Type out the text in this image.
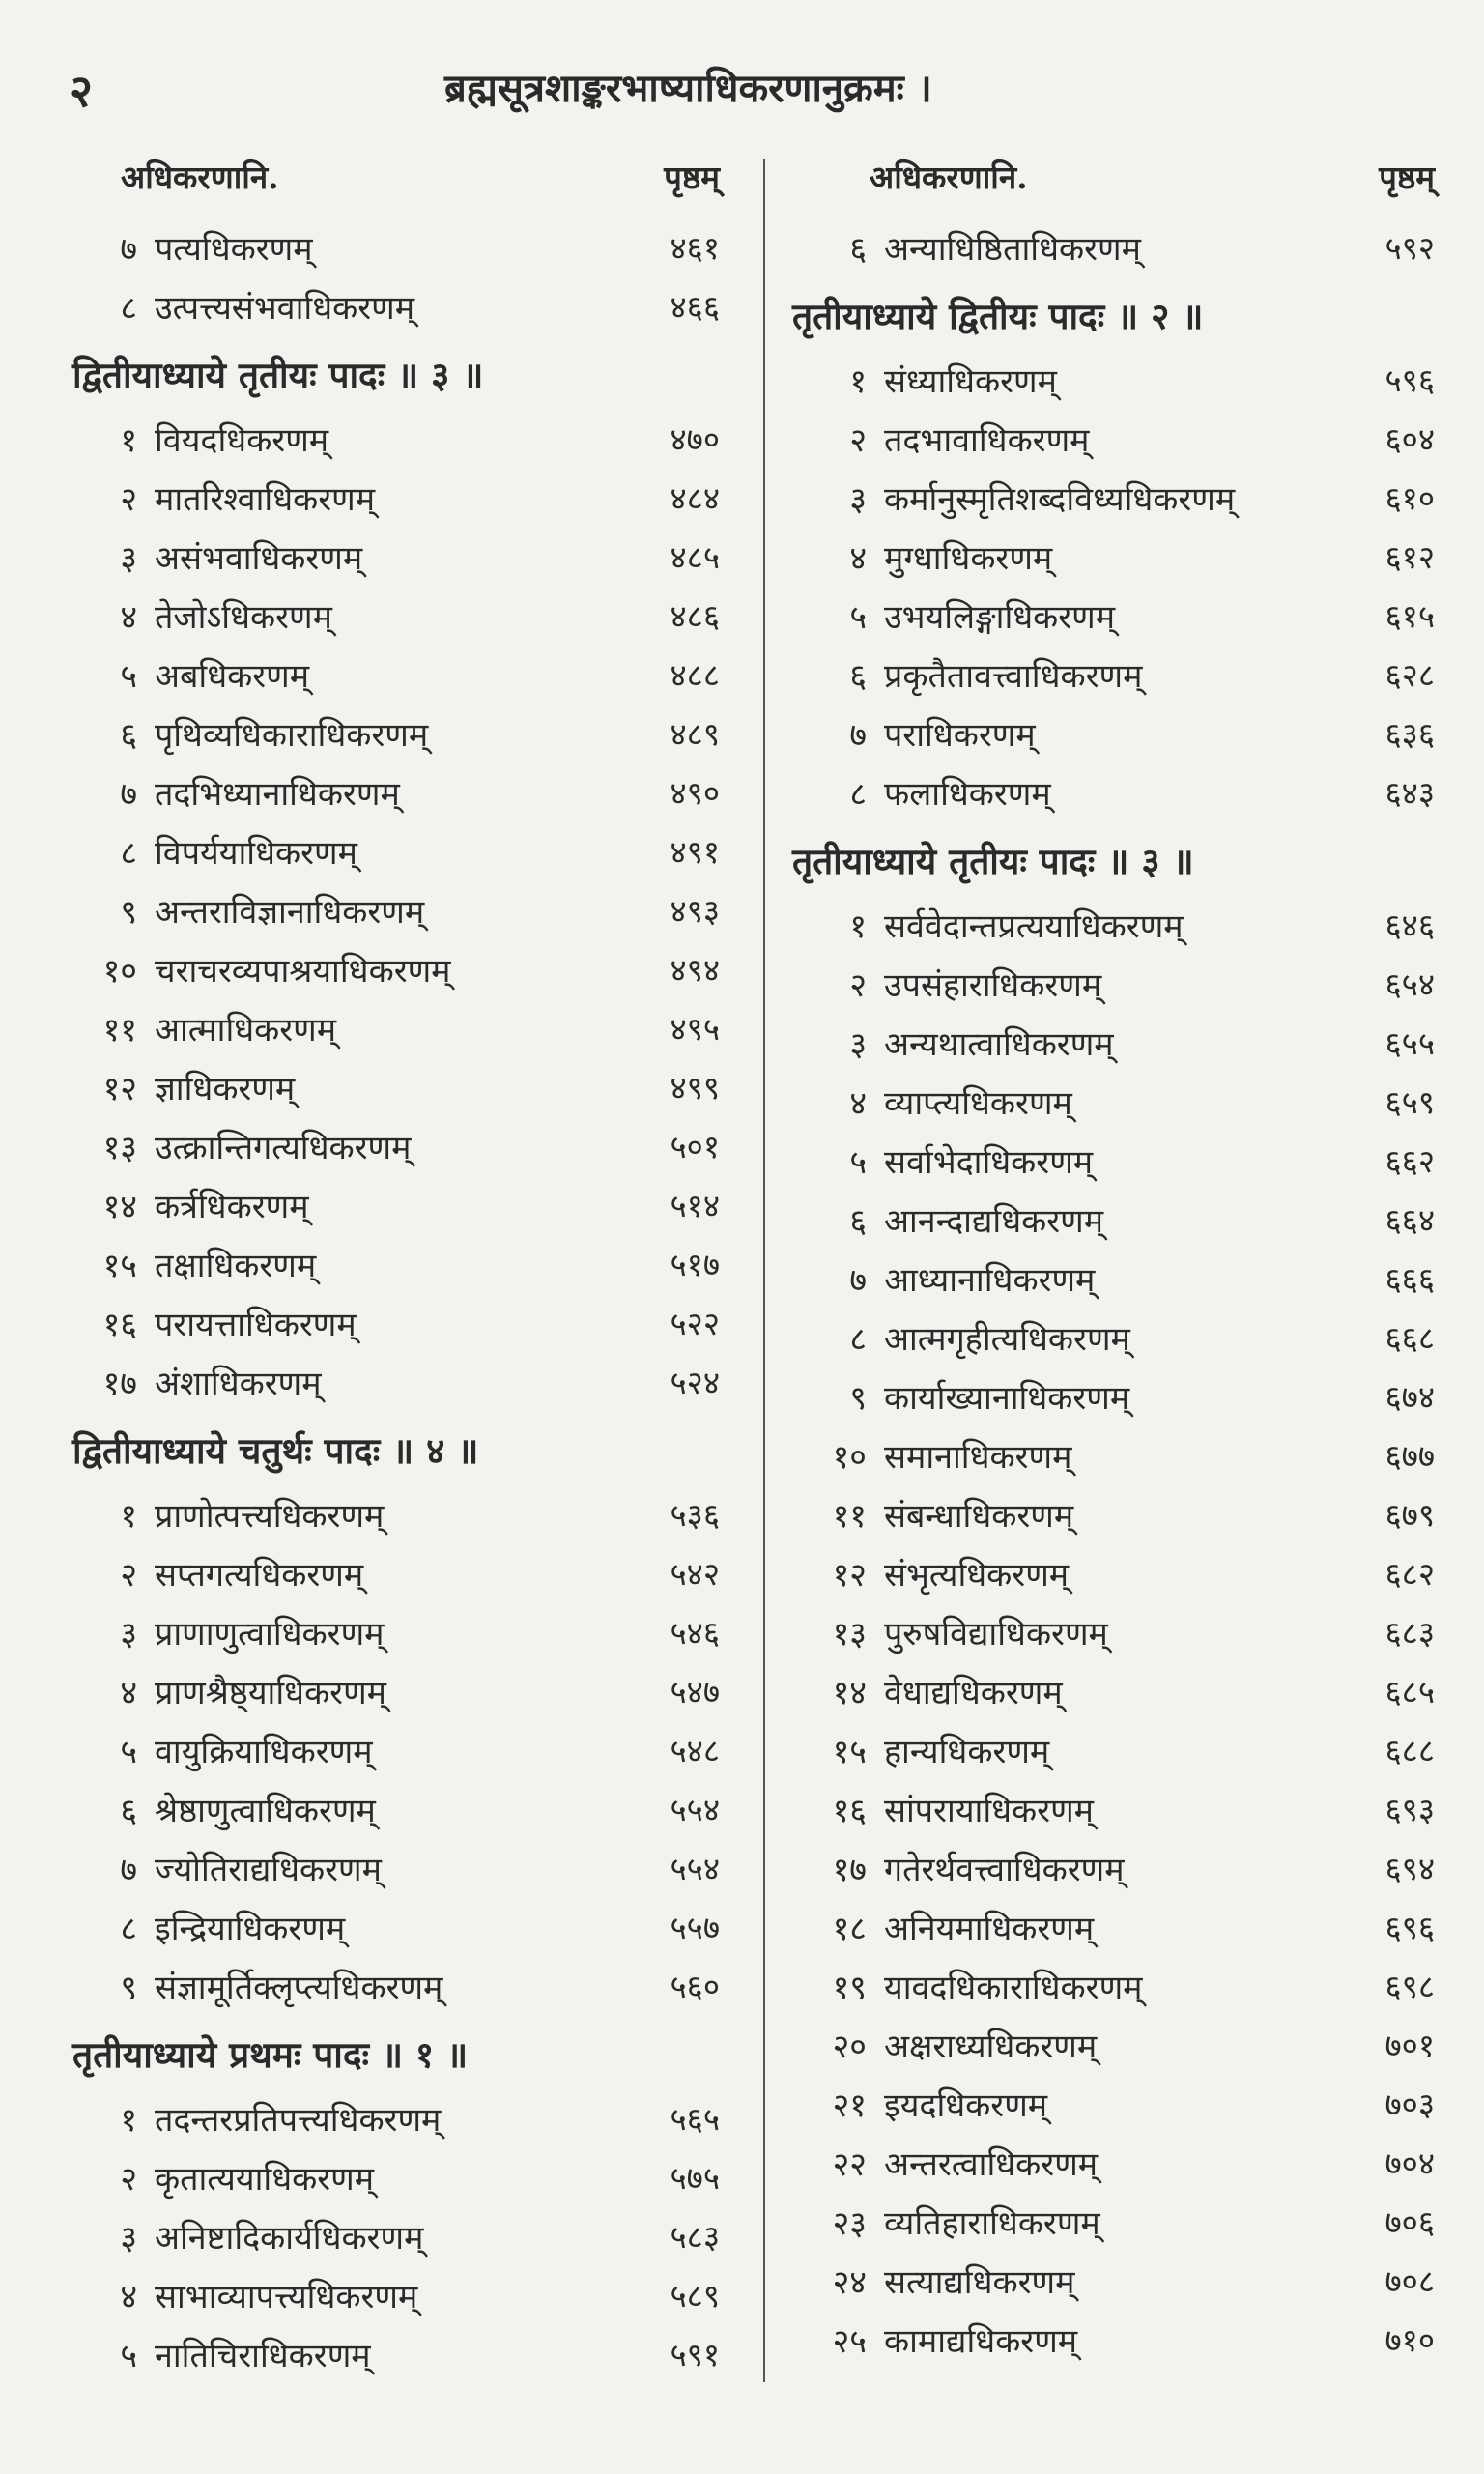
२	ब्रह्मसूत्रशाङ्करभाष्याधिकरणानुक्रमः ।
अधिकरणानि.	पृष्ठम्
७ पत्यधिकरणम्	४६१
८ उत्पत्त्यसंभवाधिकरणम्	४६६
द्वितीयाध्याये तृतीयः पादः ॥ ३ ॥
१ वियदधिकरणम्	४७०
२ मातरिश्वाधिकरणम्	४८४
३ असंभवाधिकरणम्	४८५
४ तेजोऽधिकरणम्	४८६
५ अबधिकरणम्	४८८
६ पृथिव्यधिकाराधिकरणम्	४८९
७ तदभिध्यानाधिकरणम्	४९०
८ विपर्ययाधिकरणम्	४९१
९ अन्तराविज्ञानाधिकरणम्	४९३
१० चराचरव्यपाश्रयाधिकरणम्	४९४
११ आत्माधिकरणम्	४९५
१२ ज्ञाधिकरणम्	४९९
१३ उत्क्रान्तिगत्यधिकरणम्	५०१
१४ कर्त्रधिकरणम्	५१४
१५ तक्षाधिकरणम्	५१७
१६ परायत्ताधिकरणम्	५२२
१७ अंशाधिकरणम्	५२४
द्वितीयाध्याये चतुर्थः पादः ॥ ४ ॥
१ प्राणोत्पत्त्यधिकरणम्	५३६
२ सप्तगत्यधिकरणम्	५४२
३ प्राणाणुत्वाधिकरणम्	५४६
४ प्राणश्रैष्ठ्याधिकरणम्	५४७
५ वायुक्रियाधिकरणम्	५४८
६ श्रेष्ठाणुत्वाधिकरणम्	५५४
७ ज्योतिराद्यधिकरणम्	५५४
८ इन्द्रियाधिकरणम्	५५७
९ संज्ञामूर्तिक्लृप्त्यधिकरणम्	५६०
तृतीयाध्याये प्रथमः पादः ॥ १ ॥
१ तदन्तरप्रतिपत्त्यधिकरणम्	५६५
२ कृतात्ययाधिकरणम्	५७५
३ अनिष्टादिकार्यधिकरणम्	५८३
४ साभाव्यापत्त्यधिकरणम्	५८९
५ नातिचिराधिकरणम्	५९१
अधिकरणानि.	पृष्ठम्
६ अन्याधिष्ठिताधिकरणम्	५९२
तृतीयाध्याये द्वितीयः पादः ॥ २ ॥
१ संध्याधिकरणम्	५९६
२ तदभावाधिकरणम्	६०४
३ कर्मानुस्मृतिशब्दविध्यधिकरणम्	६१०
४ मुग्धाधिकरणम्	६१२
५ उभयलिङ्गाधिकरणम्	६१५
६ प्रकृतैतावत्त्वाधिकरणम्	६२८
७ पराधिकरणम्	६३६
८ फलाधिकरणम्	६४३
तृतीयाध्याये तृतीयः पादः ॥ ३ ॥
१ सर्ववेदान्तप्रत्ययाधिकरणम्	६४६
२ उपसंहाराधिकरणम्	६५४
३ अन्यथात्वाधिकरणम्	६५५
४ व्याप्त्यधिकरणम्	६५९
५ सर्वाभेदाधिकरणम्	६६२
६ आनन्दाद्यधिकरणम्	६६४
७ आध्यानाधिकरणम्	६६६
८ आत्मगृहीत्यधिकरणम्	६६८
९ कार्याख्यानाधिकरणम्	६७४
१० समानाधिकरणम्	६७७
११ संबन्धाधिकरणम्	६७९
१२ संभृत्यधिकरणम्	६८२
१३ पुरुषविद्याधिकरणम्	६८३
१४ वेधाद्यधिकरणम्	६८५
१५ हान्यधिकरणम्	६८८
१६ सांपरायाधिकरणम्	६९३
१७ गतेरर्थवत्त्वाधिकरणम्	६९४
१८ अनियमाधिकरणम्	६९६
१९ यावदधिकाराधिकरणम्	६९८
२० अक्षराध्यधिकरणम्	७०१
२१ इयदधिकरणम्	७०३
२२ अन्तरत्वाधिकरणम्	७०४
२३ व्यतिहाराधिकरणम्	७०६
२४ सत्याद्यधिकरणम्	७०८
२५ कामाद्यधिकरणम्	७१०
